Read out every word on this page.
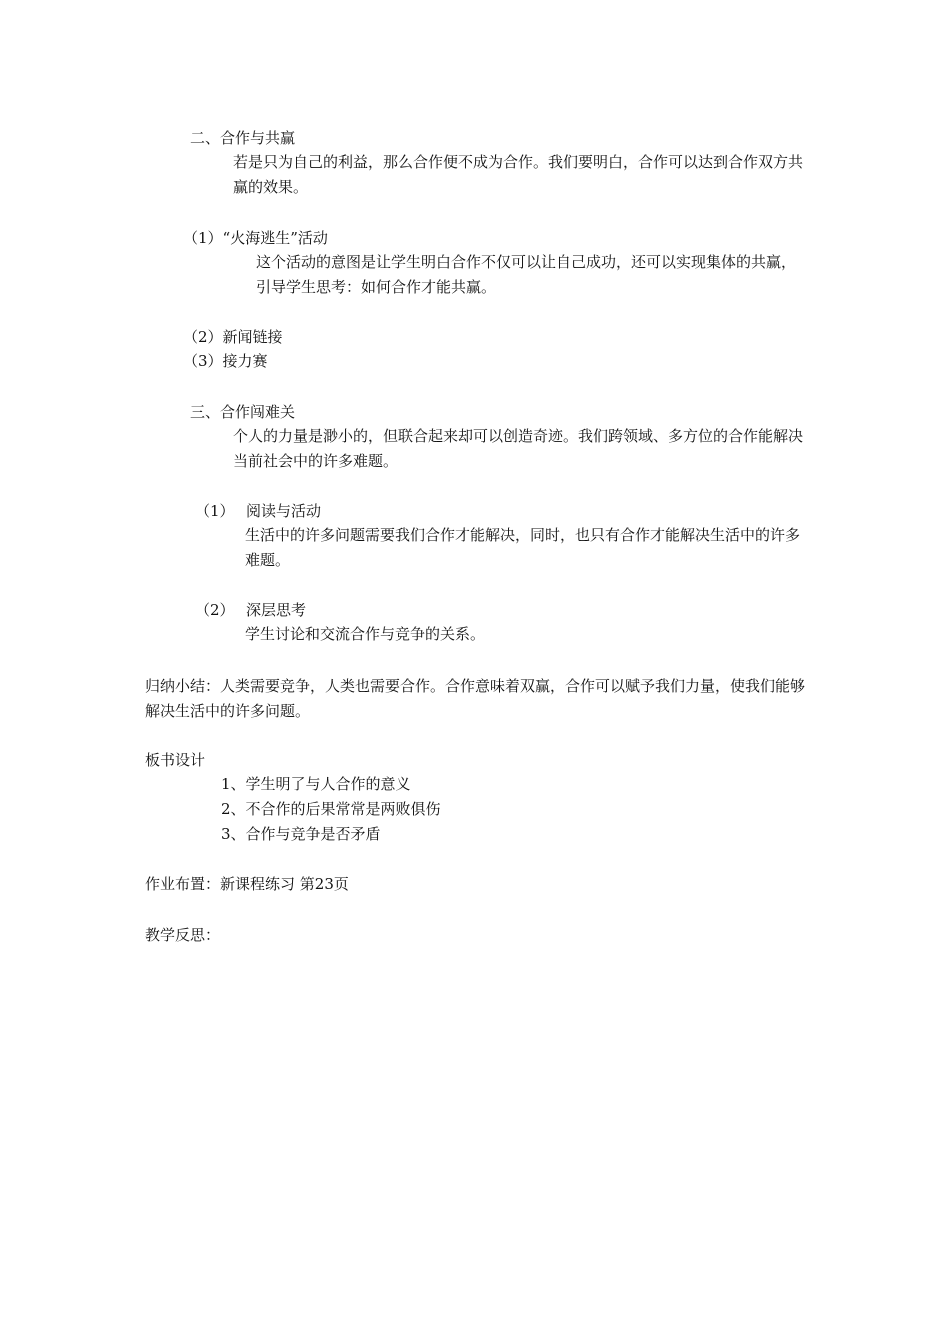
二、合作与共赢

若是只为自己的利益，那么合作便不成为合作。我们要明白，合作可以达到合作双方共赢的效果。

（1）“火海逃生”活动

这个活动的意图是让学生明白合作不仅可以让自己成功，还可以实现集体的共赢，引导学生思考：如何合作才能共赢。

（2）新闻链接

（3）接力赛

三、合作闯难关

个人的力量是渺小的，但联合起来却可以创造奇迹。我们跨领域、多方位的合作能解决当前社会中的许多难题。

（1） 阅读与活动

生活中的许多问题需要我们合作才能解决，同时，也只有合作才能解决生活中的许多难题。

（2） 深层思考

学生讨论和交流合作与竞争的关系。

归纳小结：人类需要竞争，人类也需要合作。合作意味着双赢，合作可以赋予我们力量，使我们能够解决生活中的许多问题。

板书设计

1、学生明了与人合作的意义

2、不合作的后果常常是两败俱伤

3、合作与竞争是否矛盾

作业布置：新课程练习 第23页

教学反思：
